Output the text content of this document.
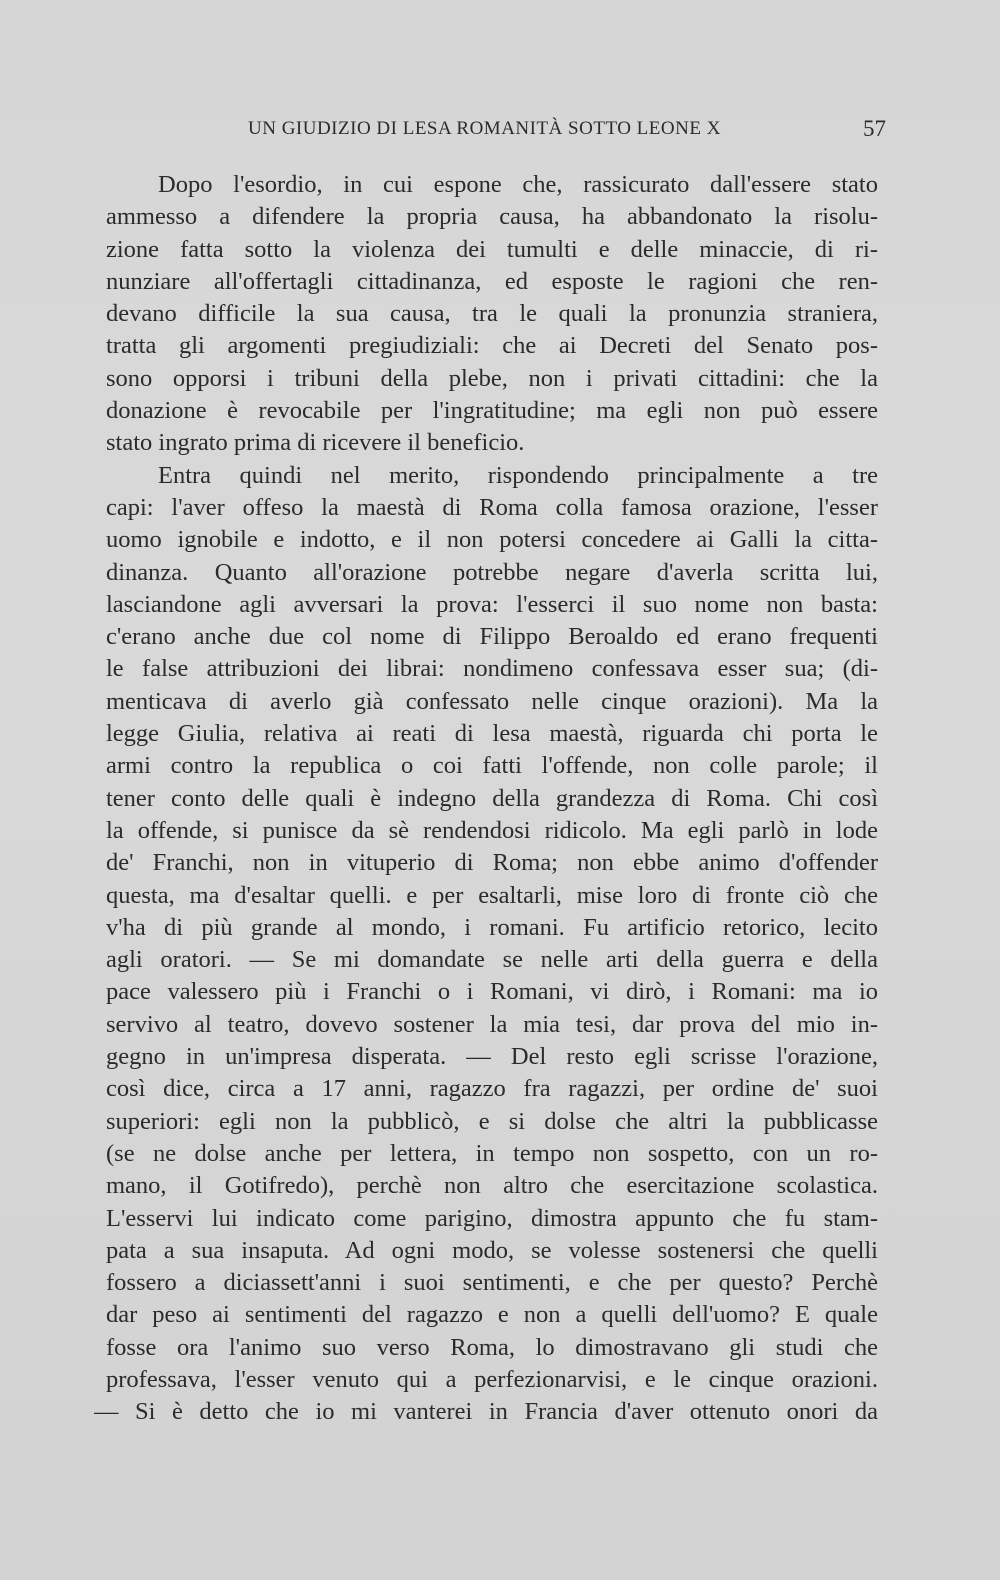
UN GIUDIZIO DI LESA ROMANITÀ SOTTO LEONE X	57
Dopo l'esordio, in cui espone che, rassicurato dall'essere stato
ammesso a difendere la propria causa, ha abbandonato la risolu-
zione fatta sotto la violenza dei tumulti e delle minaccie, di ri-
nunziare all'offertagli cittadinanza, ed esposte le ragioni che ren-
devano difficile la sua causa, tra le quali la pronunzia straniera,
tratta gli argomenti pregiudiziali: che ai Decreti del Senato pos-
sono opporsi i tribuni della plebe, non i privati cittadini: che la
donazione è revocabile per l'ingratitudine; ma egli non può essere
stato ingrato prima di ricevere il beneficio.
Entra quindi nel merito, rispondendo principalmente a tre
capi: l'aver offeso la maestà di Roma colla famosa orazione, l'esser
uomo ignobile e indotto, e il non potersi concedere ai Galli la citta-
dinanza. Quanto all'orazione potrebbe negare d'averla scritta lui,
lasciandone agli avversari la prova: l'esserci il suo nome non basta:
c'erano anche due col nome di Filippo Beroaldo ed erano frequenti
le false attribuzioni dei librai: nondimeno confessava esser sua; (di-
menticava di averlo già confessato nelle cinque orazioni). Ma la
legge Giulia, relativa ai reati di lesa maestà, riguarda chi porta le
armi contro la republica o coi fatti l'offende, non colle parole; il
tener conto delle quali è indegno della grandezza di Roma. Chi così
la offende, si punisce da sè rendendosi ridicolo. Ma egli parlò in lode
de' Franchi, non in vituperio di Roma; non ebbe animo d'offender
questa, ma d'esaltar quelli. e per esaltarli, mise loro di fronte ciò che
v'ha di più grande al mondo, i romani. Fu artificio retorico, lecito
agli oratori. — Se mi domandate se nelle arti della guerra e della
pace valessero più i Franchi o i Romani, vi dirò, i Romani: ma io
servivo al teatro, dovevo sostener la mia tesi, dar prova del mio in-
gegno in un'impresa disperata. — Del resto egli scrisse l'orazione,
così dice, circa a 17 anni, ragazzo fra ragazzi, per ordine de' suoi
superiori: egli non la pubblicò, e si dolse che altri la pubblicasse
(se ne dolse anche per lettera, in tempo non sospetto, con un ro-
mano, il Gotifredo), perchè non altro che esercitazione scolastica.
L'esservi lui indicato come parigino, dimostra appunto che fu stam-
pata a sua insaputa. Ad ogni modo, se volesse sostenersi che quelli
fossero a diciassett'anni i suoi sentimenti, e che per questo? Perchè
dar peso ai sentimenti del ragazzo e non a quelli dell'uomo? E quale
fosse ora l'animo suo verso Roma, lo dimostravano gli studi che
professava, l'esser venuto qui a perfezionarvisi, e le cinque orazioni.
— Si è detto che io mi vanterei in Francia d'aver ottenuto onori da
